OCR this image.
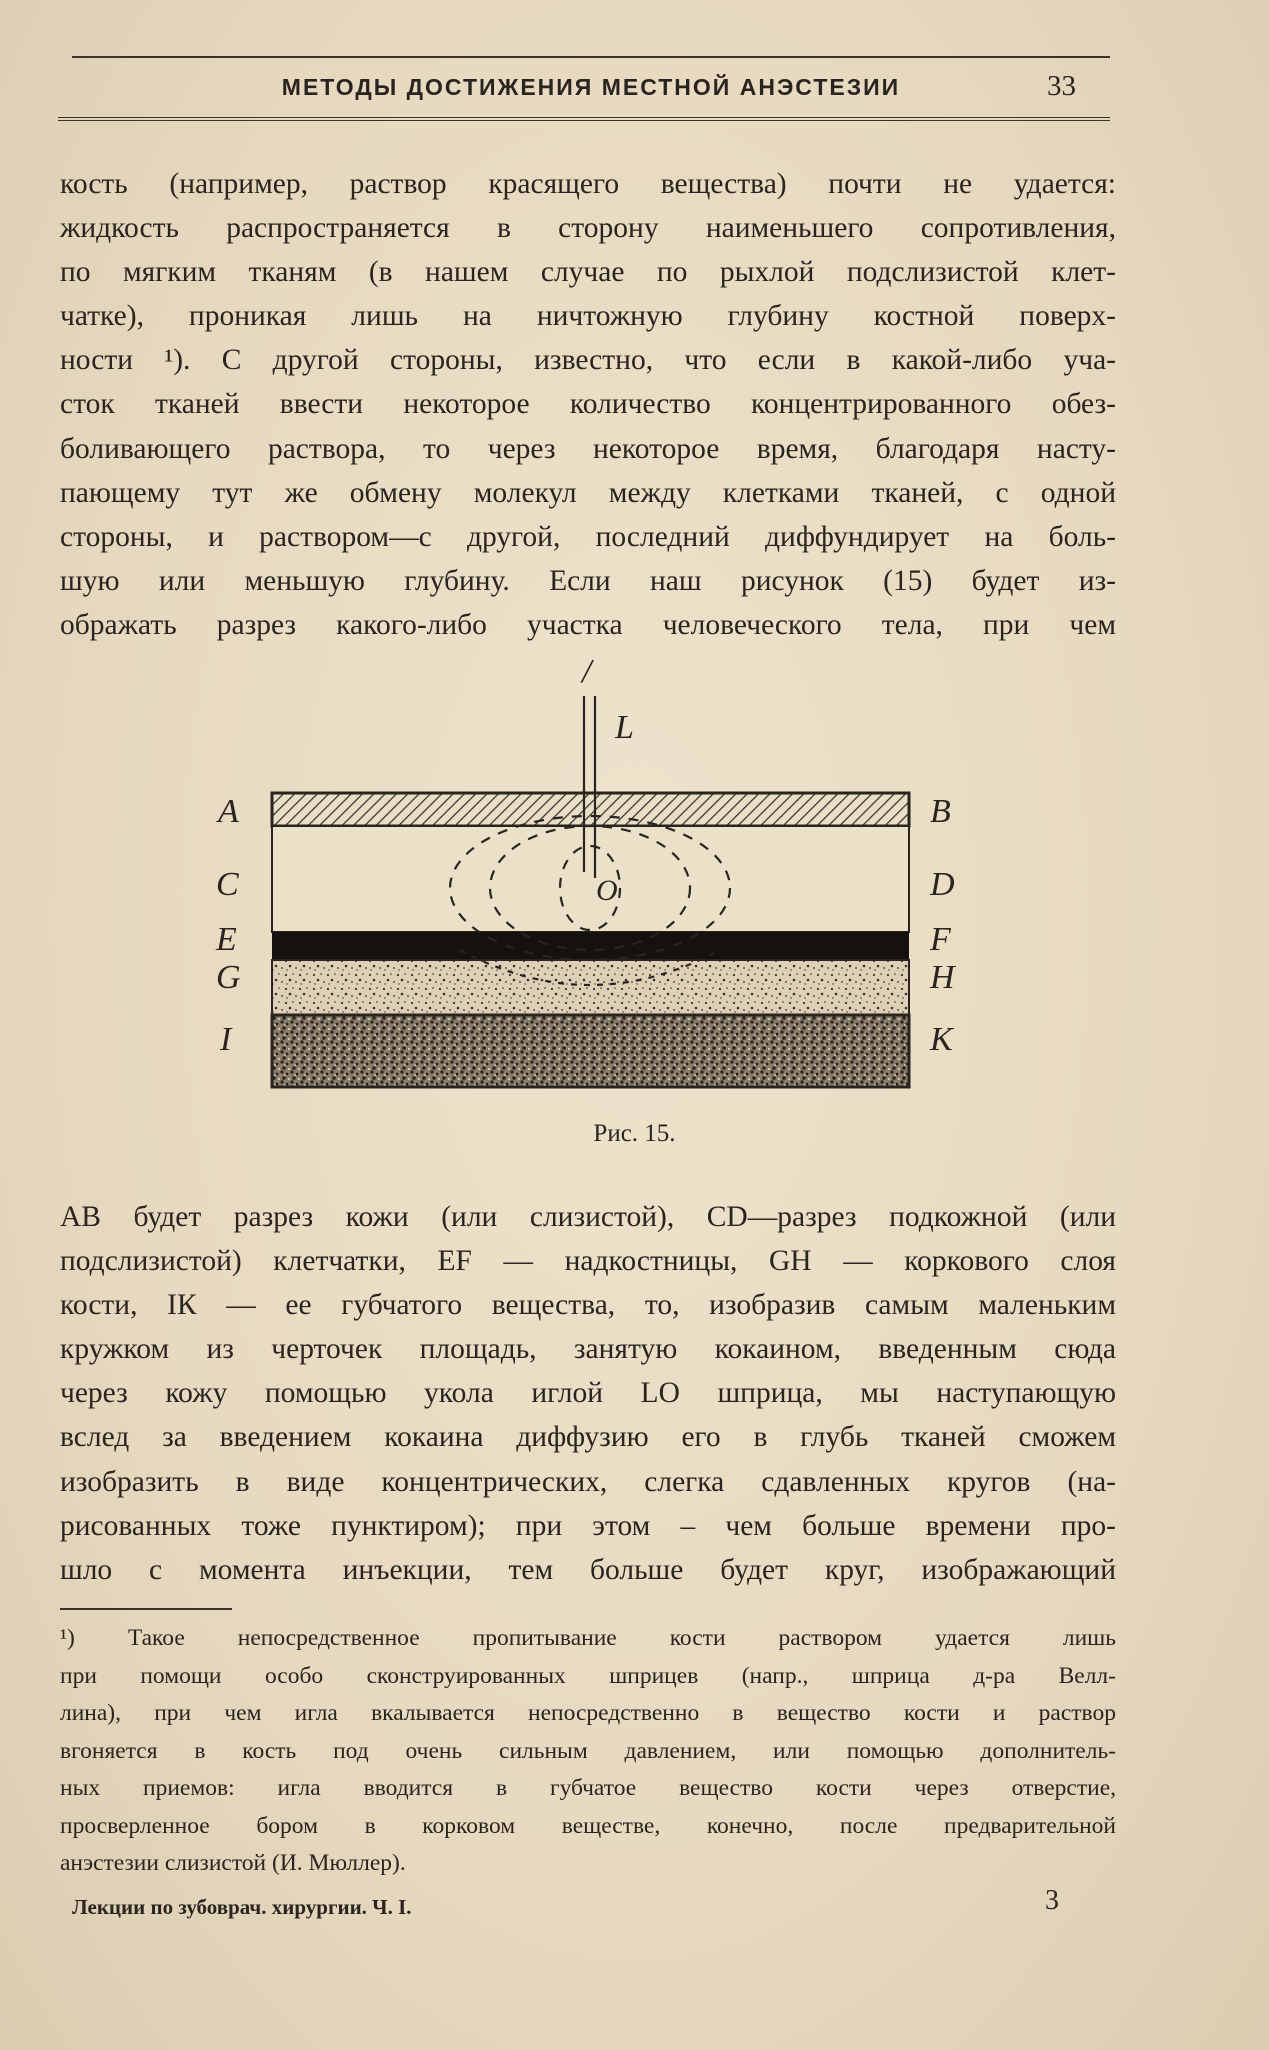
МЕТОДЫ ДОСТИЖЕНИЯ МЕСТНОЙ АНЭСТЕЗИИ	33

кость (например, раствор красящего вещества) почти не удается:
жидкость распространяется в сторону наименьшего сопротивления,
по мягким тканям (в нашем случае по рыхлой подслизистой клет-
чатке), проникая лишь на ничтожную глубину костной поверх-
ности ¹). С другой стороны, известно, что если в какой-либо уча-
сток тканей ввести некоторое количество концентрированного обез-
боливающего раствора, то через некоторое время, благодаря насту-
пающему тут же обмену молекул между клетками тканей, с одной
стороны, и раствором—с другой, последний диффундирует на боль-
шую или меньшую глубину. Если наш рисунок (15) будет из-
ображать разрез какого-либо участка человеческого тела, при чем

/
L
A	B
C	D
E	F
G	H
I	К
O
Рис. 15.

AB будет разрез кожи (или слизистой), CD—разрез подкожной (или
подслизистой) клетчатки, EF — надкостницы, GH — коркового слоя
кости, IК — ее губчатого вещества, то, изобразив самым маленьким
кружком из черточек площадь, занятую кокаином, введенным сюда
через кожу помощью укола иглой LO шприца, мы наступающую
вслед за введением кокаина диффузию его в глубь тканей сможем
изобразить в виде концентрических, слегка сдавленных кругов (на-
рисованных тоже пунктиром); при этом – чем больше времени про-
шло с момента инъекции, тем больше будет круг, изображающий

¹) Такое непосредственное пропитывание кости раствором удается лишь
при помощи особо сконструированных шприцев (напр., шприца д-ра Велл-
лина), при чем игла вкалывается непосредственно в вещество кости и раствор
вгоняется в кость под очень сильным давлением, или помощью дополнитель-
ных приемов: игла вводится в губчатое вещество кости через отверстие,
просверленное бором в корковом веществе, конечно, после предварительной
анэстезии слизистой (И. Мюллер).
Лекции по зубоврач. хирургии. Ч. I.	3
